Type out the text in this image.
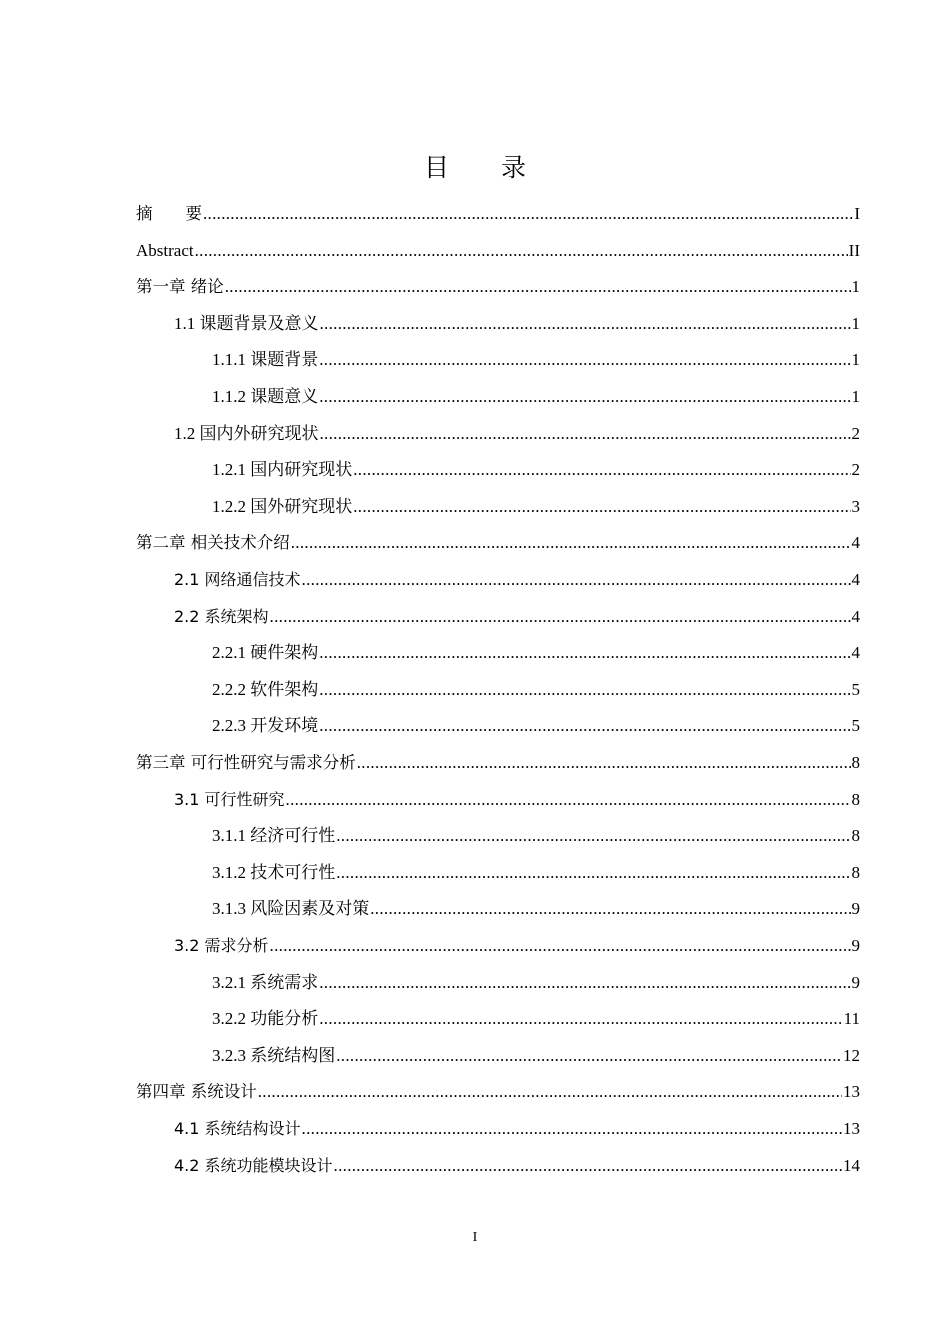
目 录
摘　　要 .....	I
Abstract .....	II
第一章 绪论 .....	1
1.1 课题背景及意义 .....	1
1.1.1 课题背景 .....	1
1.1.2 课题意义 .....	1
1.2 国内外研究现状 .....	2
1.2.1 国内研究现状 .....	2
1.2.2 国外研究现状 .....	3
第二章 相关技术介绍 .....	4
2.1 网络通信技术 .....	4
2.2 系统架构 .....	4
2.2.1 硬件架构 .....	4
2.2.2 软件架构 .....	5
2.2.3 开发环境 .....	5
第三章 可行性研究与需求分析 .....	8
3.1 可行性研究 .....	8
3.1.1 经济可行性 .....	8
3.1.2 技术可行性 .....	8
3.1.3 风险因素及对策 .....	9
3.2 需求分析 .....	9
3.2.1 系统需求 .....	9
3.2.2 功能分析 .....	11
3.2.3 系统结构图 .....	12
第四章 系统设计 .....	13
4.1 系统结构设计 .....	13
4.2 系统功能模块设计 .....	14
I
